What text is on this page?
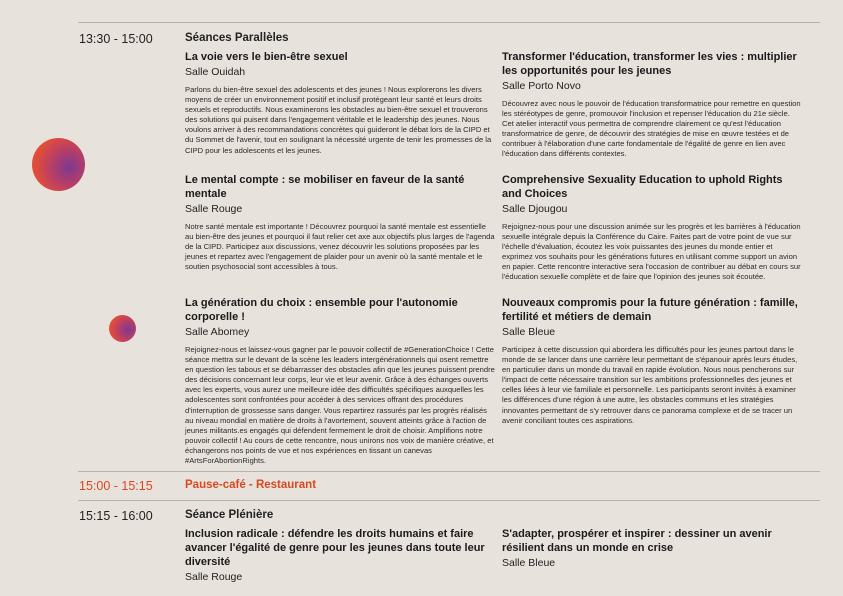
13:30 - 15:00	Séances Parallèles
La voie vers le bien-être sexuel
Salle Ouidah
Parlons du bien-être sexuel des adolescents et des jeunes ! Nous explorerons les divers moyens de créer un environnement positif et inclusif protégeant leur santé et leurs droits sexuels et reproductifs. Nous examinerons les obstacles au bien-être sexuel et trouverons des solutions qui puisent dans l'engagement véritable et le leadership des jeunes. Nous voulons arriver à des recommandations concrètes qui guideront le débat lors de la CIPD et du Sommet de l'avenir, tout en soulignant la nécessité urgente de tenir les promesses de la CIPD pour les adolescents et les jeunes.
Transformer l'éducation, transformer les vies : multiplier les opportunités pour les jeunes
Salle Porto Novo
Découvrez avec nous le pouvoir de l'éducation transformatrice pour remettre en question les stéréotypes de genre, promouvoir l'inclusion et repenser l'éducation du 21e siècle. Cet atelier interactif vous permettra de comprendre clairement ce qu'est l'éducation transformatrice de genre, de découvrir des stratégies de mise en œuvre testées et de contribuer à l'élaboration d'une carte fondamentale de l'égalité de genre en lien avec l'éducation dans différents contextes.
Le mental compte : se mobiliser en faveur de la santé mentale
Salle Rouge
Notre santé mentale est importante ! Découvrez pourquoi la santé mentale est essentielle au bien-être des jeunes et pourquoi il faut relier cet axe aux objectifs plus larges de l'agenda de la CIPD. Participez aux discussions, venez découvrir les solutions proposées par les jeunes et repartez avec l'engagement de plaider pour un avenir où la santé mentale et le soutien psychosocial sont accessibles à tous.
Comprehensive Sexuality Education to uphold Rights and Choices
Salle Djougou
Rejoignez-nous pour une discussion animée sur les progrès et les barrières à l'éducation sexuelle intégrale depuis la Conférence du Caire. Faites part de votre point de vue sur l'échelle d'évaluation, écoutez les voix puissantes des jeunes du monde entier et exprimez vos souhaits pour les générations futures en utilisant comme support un avion en papier. Cette rencontre interactive sera l'occasion de contribuer au débat en cours sur l'éducation sexuelle complète et de faire que l'opinion des jeunes soit écoutée.
La génération du choix : ensemble pour l'autonomie corporelle !
Salle Abomey
Rejoignez-nous et laissez-vous gagner par le pouvoir collectif de #GenerationChoice ! Cette séance mettra sur le devant de la scène les leaders intergénérationnels qui osent remettre en question les tabous et se débarrasser des obstacles afin que les jeunes puissent prendre des décisions concernant leur corps, leur vie et leur avenir. Grâce à des échanges ouverts avec les experts, vous aurez une meilleure idée des difficultés spécifiques auxquelles les adolescentes sont confrontées pour accéder à des services offrant des procédures d'interruption de grossesse sans danger. Vous repartirez rassurés par les progrès réalisés au niveau mondial en matière de droits à l'avortement, souvent atteints grâce à l'action de jeunes militants.es engagés qui défendent fermement le droit de choisir. Amplifions notre pouvoir collectif ! Au cours de cette rencontre, nous unirons nos voix de manière créative, et échangerons nos points de vue et nos expériences en tissant un canevas #ArtsForAbortionRights.
Nouveaux compromis pour la future génération : famille, fertilité et métiers de demain
Salle Bleue
Participez à cette discussion qui abordera les difficultés pour les jeunes partout dans le monde de se lancer dans une carrière leur permettant de s'épanouir après leurs études, en particulier dans un monde du travail en rapide évolution. Nous nous pencherons sur l'impact de cette nécessaire transition sur les ambitions professionnelles des jeunes et celles liées à leur vie familiale et personnelle. Les participants seront invités à examiner les différences d'une région à une autre, les obstacles communs et les stratégies innovantes permettant de s'y retrouver dans ce panorama complexe et de se tracer un avenir conciliant toutes ces aspirations.
15:00 - 15:15	Pause-café - Restaurant
15:15 - 16:00	Séance Plénière
Inclusion radicale : défendre les droits humains et faire avancer l'égalité de genre pour les jeunes dans toute leur diversité
Salle Rouge
S'adapter, prospérer et inspirer : dessiner un avenir résilient dans un monde en crise
Salle Bleue
